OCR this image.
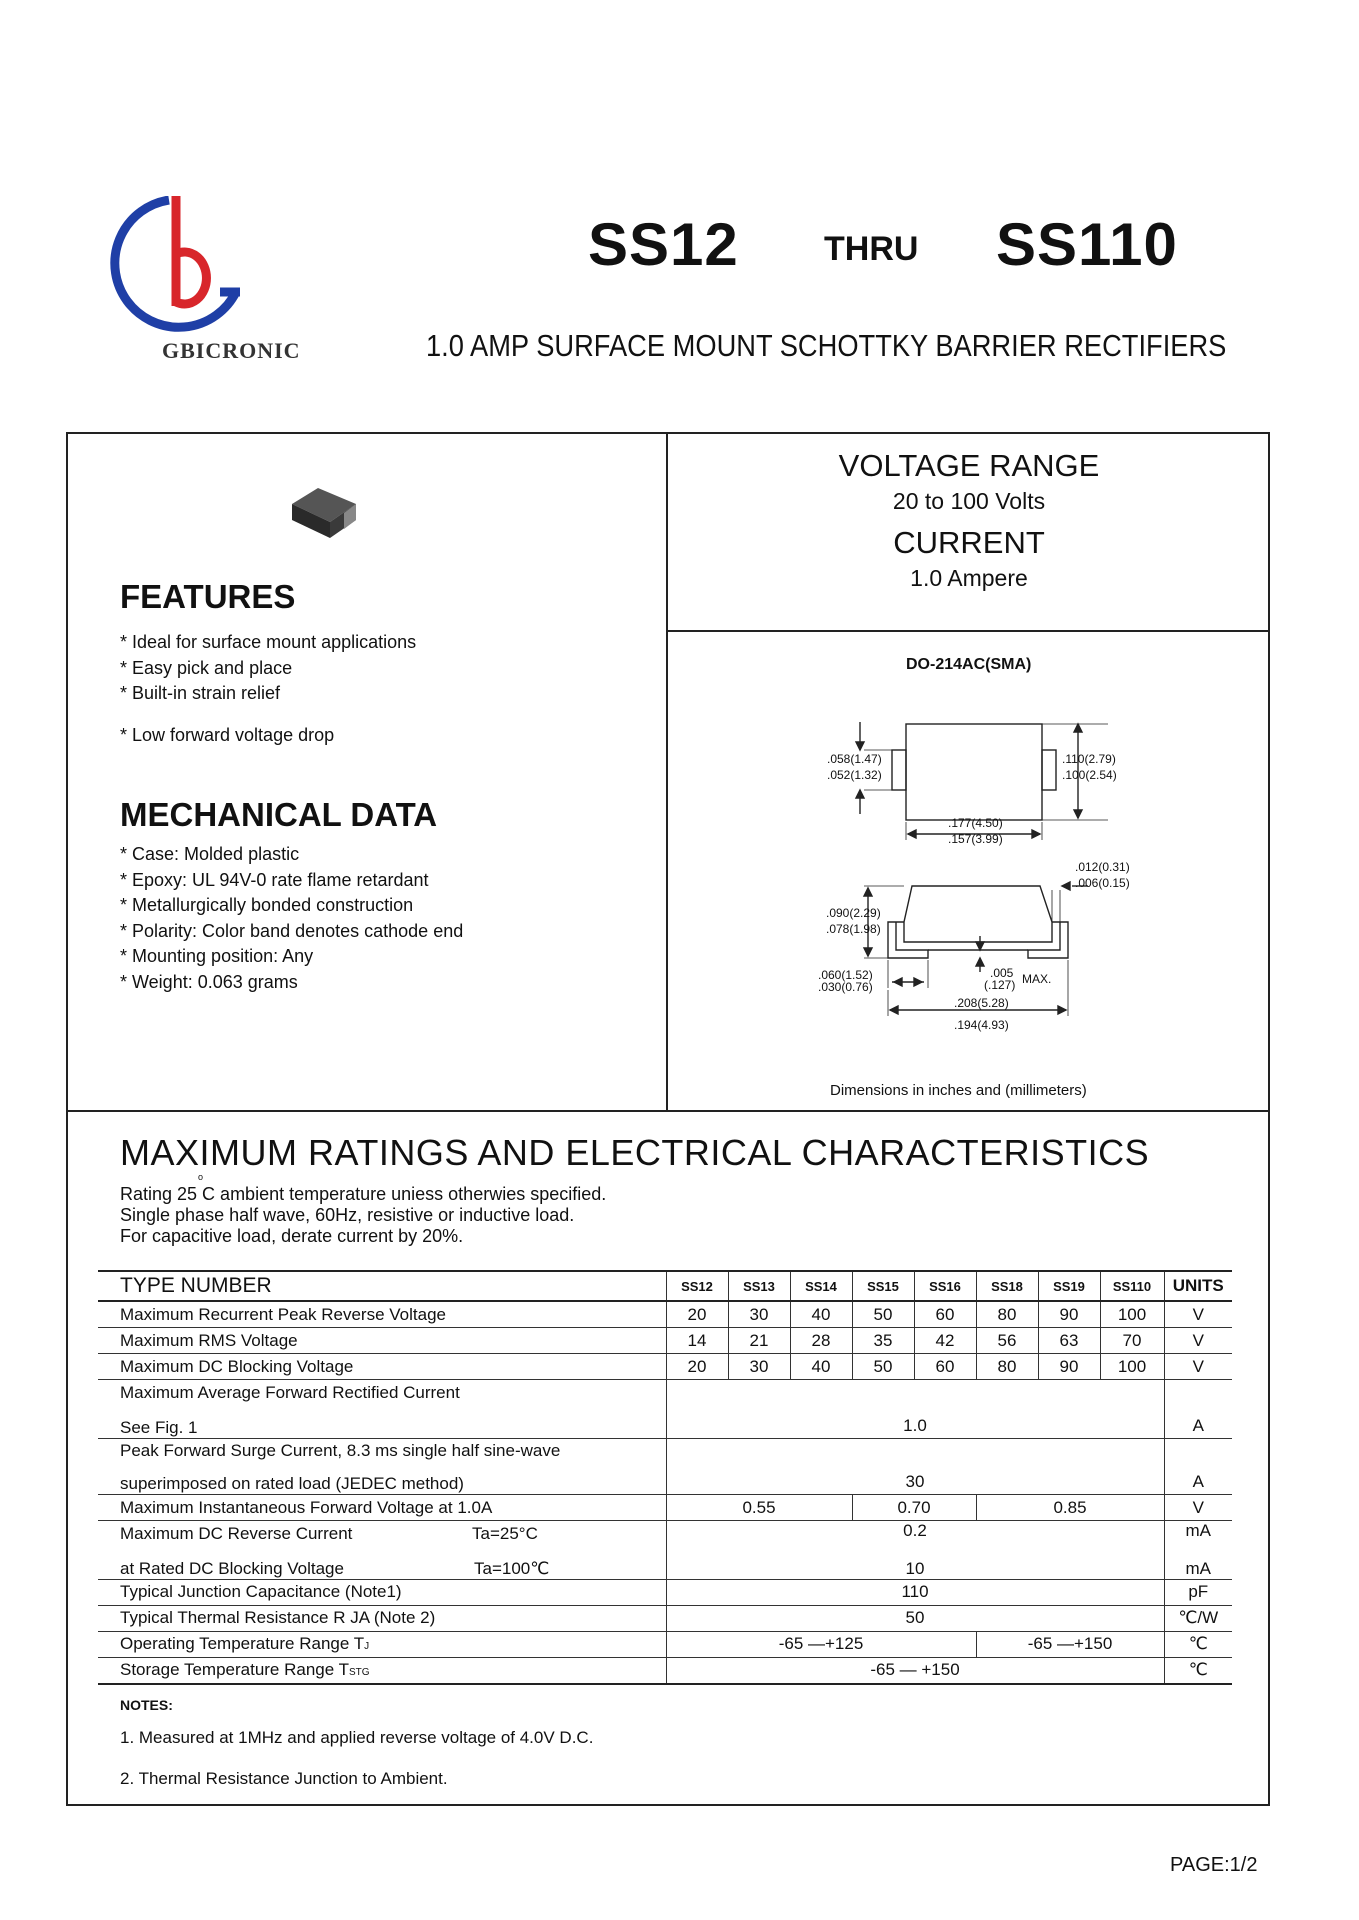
GBICRONIC
SS12	THRU SS110
1.0 AMP SURFACE MOUNT SCHOTTKY BARRIER RECTIFIERS
FEATURES
* Ideal for surface mount applications
* Easy pick and place
* Built-in strain relief
* Low forward voltage drop
MECHANICAL DATA
* Case: Molded plastic
* Epoxy: UL 94V-0 rate flame retardant
* Metallurgically bonded construction
* Polarity: Color band denotes cathode end
* Mounting position: Any
* Weight: 0.063 grams
VOLTAGE RANGE
20 to 100 Volts
CURRENT
1.0 Ampere
DO-214AC(SMA)
.058(1.47)
.052(1.32)
.110(2.79)
.100(2.54)
.177(4.50)
.157(3.99)
.012(0.31)
.006(0.15)
.090(2.29)
.078(1.98)
.060(1.52)
.030(0.76)
.005
(.127) MAX.
.208(5.28)
.194(4.93)
Dimensions in inches and (millimeters)
MAXIMUM RATINGS AND ELECTRICAL CHARACTERISTICS
o
Rating 25 C ambient temperature uniess otherwies specified.
Single phase half wave, 60Hz, resistive or inductive load.
For capacitive load, derate current by 20%.
TYPE NUMBER	SS12	SS13	SS14	SS15	SS16	SS18	SS19	SS110	UNITS
Maximum Recurrent Peak Reverse Voltage	20	30	40	50	60	80	90	100	V
Maximum RMS Voltage	14	21	28	35	42	56	63	70	V
Maximum DC Blocking Voltage	20	30	40	50	60	80	90	100	V
Maximum Average Forward Rectified Current	1.0								A
See Fig. 1									
Peak Forward Surge Current, 8.3 ms single half sine-wave	30								A
superimposed on rated load (JEDEC method)									
Maximum Instantaneous Forward Voltage at 1.0A	0.55			0.70		0.85			V
Maximum DC Reverse Current Ta=25°C	0.2								mA
at Rated DC Blocking Voltage Ta=100℃	10								mA
Typical Junction Capacitance (Note1)	110								pF
Typical Thermal Resistance R JA (Note 2)	50								℃/W
Operating Temperature Range TJ	-65 —+125					-65 —+150			℃
Storage Temperature Range TSTG	-65 — +150								℃
NOTES:
1. Measured at 1MHz and applied reverse voltage of 4.0V D.C.
2. Thermal Resistance Junction to Ambient.
PAGE:1/2
